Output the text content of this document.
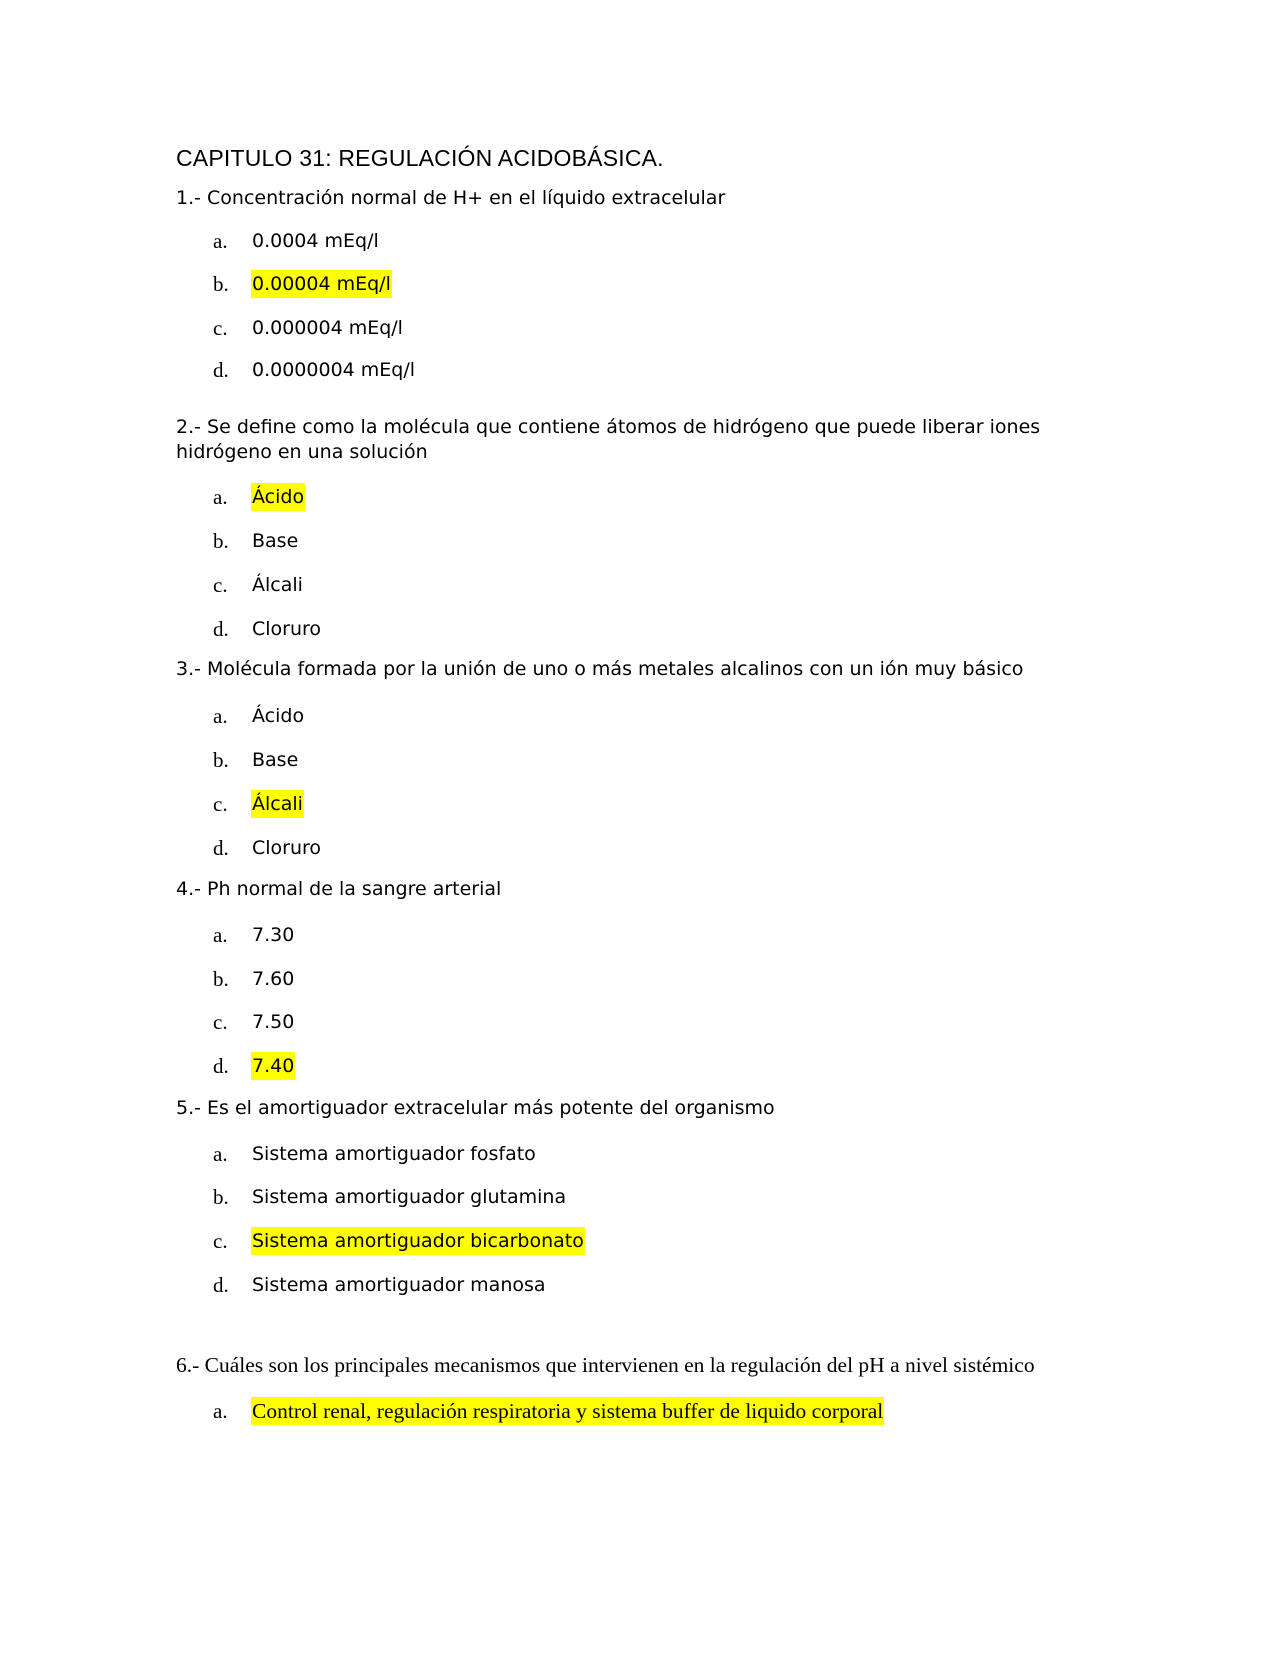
CAPITULO 31: REGULACIÓN ACIDOBÁSICA.
1.- Concentración normal de H+ en el líquido extracelular
a. 0.0004 mEq/l
b. 0.00004 mEq/l
c. 0.000004 mEq/l
d. 0.0000004 mEq/l
2.- Se define como la molécula que contiene átomos de hidrógeno que puede liberar iones hidrógeno en una solución
a. Ácido
b. Base
c. Álcali
d. Cloruro
3.- Molécula formada por la unión de uno o más metales alcalinos con un ión muy básico
a. Ácido
b. Base
c. Álcali
d. Cloruro
4.- Ph normal de la sangre arterial
a. 7.30
b. 7.60
c. 7.50
d. 7.40
5.- Es el amortiguador extracelular más potente del organismo
a. Sistema amortiguador fosfato
b. Sistema amortiguador glutamina
c. Sistema amortiguador bicarbonato
d. Sistema amortiguador manosa
6.- Cuáles son los principales mecanismos que intervienen en la regulación del pH a nivel sistémico
a. Control renal, regulación respiratoria y sistema buffer de liquido corporal
